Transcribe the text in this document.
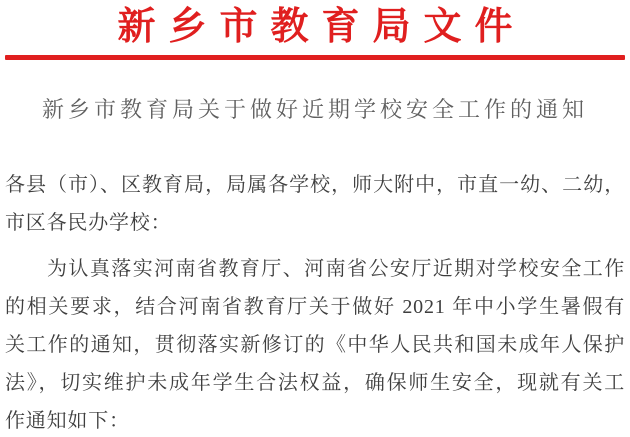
新乡市教育局文件
新乡市教育局关于做好近期学校安全工作的通知
各县（市）、区教育局，局属各学校，师大附中，市直一幼、二幼，
市区各民办学校：
为认真落实河南省教育厅、河南省公安厅近期对学校安全工作
的相关要求，结合河南省教育厅关于做好 2021 年中小学生暑假有
关工作的通知，贯彻落实新修订的《中华人民共和国未成年人保护
法》，切实维护未成年学生合法权益，确保师生安全，现就有关工
作通知如下：
